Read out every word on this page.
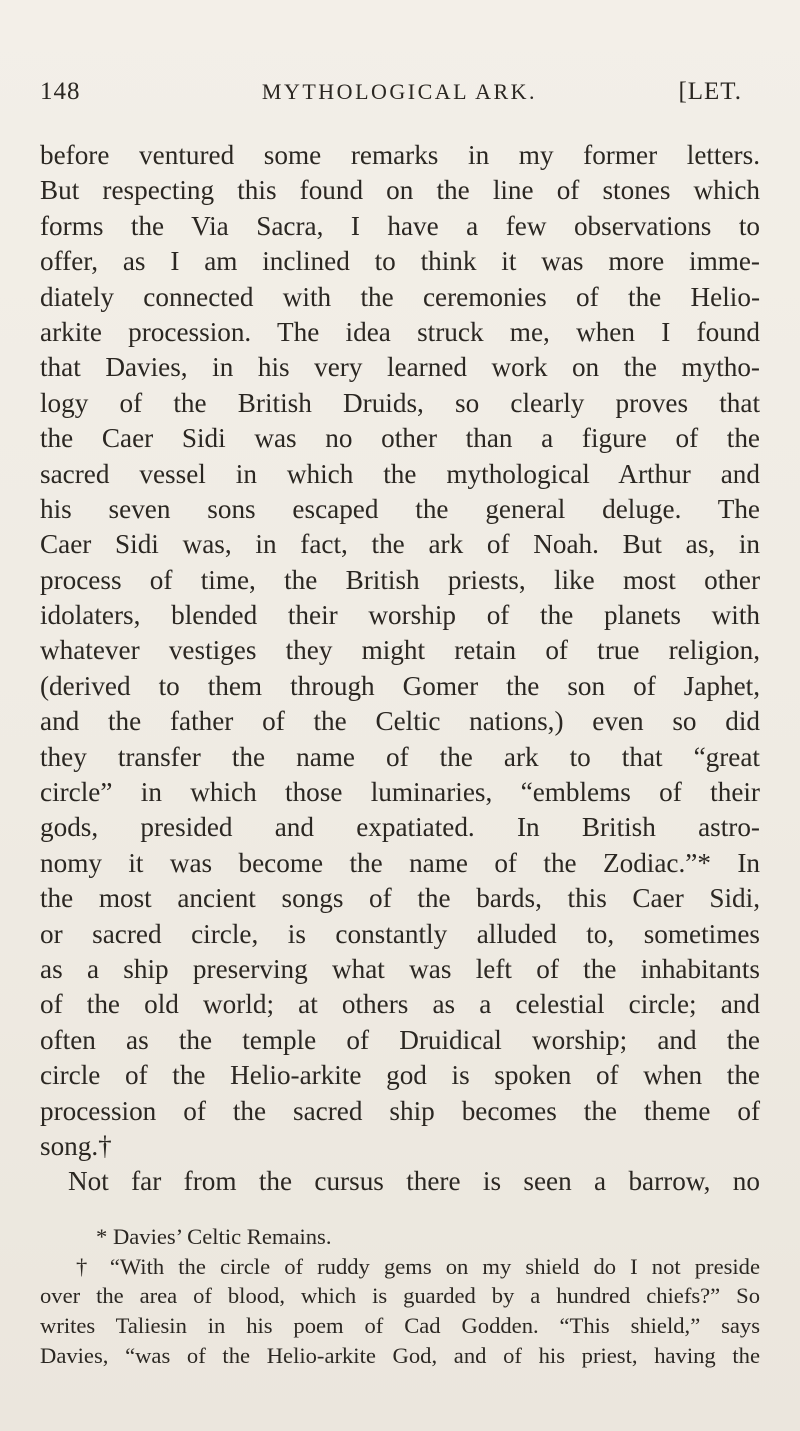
148	MYTHOLOGICAL ARK.	[LET.
before ventured some remarks in my former letters.
But respecting this found on the line of stones which
forms the Via Sacra, I have a few observations to
offer, as I am inclined to think it was more imme-
diately connected with the ceremonies of the Helio-
arkite procession. The idea struck me, when I found
that Davies, in his very learned work on the mytho-
logy of the British Druids, so clearly proves that
the Caer Sidi was no other than a figure of the
sacred vessel in which the mythological Arthur and
his seven sons escaped the general deluge. The
Caer Sidi was, in fact, the ark of Noah. But as, in
process of time, the British priests, like most other
idolaters, blended their worship of the planets with
whatever vestiges they might retain of true religion,
(derived to them through Gomer the son of Japhet,
and the father of the Celtic nations,) even so did
they transfer the name of the ark to that “great
circle” in which those luminaries, “emblems of their
gods, presided and expatiated. In British astro-
nomy it was become the name of the Zodiac.”* In
the most ancient songs of the bards, this Caer Sidi,
or sacred circle, is constantly alluded to, sometimes
as a ship preserving what was left of the inhabitants
of the old world; at others as a celestial circle; and
often as the temple of Druidical worship; and the
circle of the Helio-arkite god is spoken of when the
procession of the sacred ship becomes the theme of
song.†
Not far from the cursus there is seen a barrow, no
* Davies’ Celtic Remains.
† “With the circle of ruddy gems on my shield do I not preside
over the area of blood, which is guarded by a hundred chiefs?” So
writes Taliesin in his poem of Cad Godden. “This shield,” says
Davies, “was of the Helio-arkite God, and of his priest, having the
